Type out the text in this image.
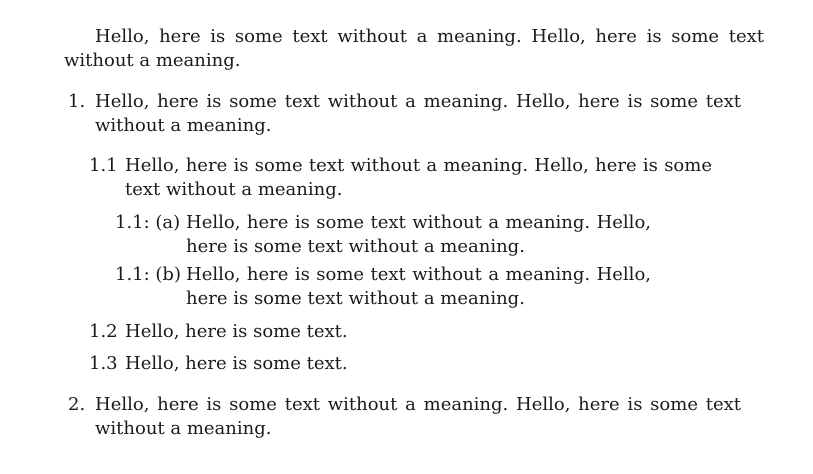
Hello, here is some text without a meaning. Hello, here is some text without a meaning.

1. Hello, here is some text without a meaning. Hello, here is some text without a meaning.
1.1 Hello, here is some text without a meaning. Hello, here is some text without a meaning.
1.1: (a) Hello, here is some text without a meaning. Hello, here is some text without a meaning.
1.1: (b) Hello, here is some text without a meaning. Hello, here is some text without a meaning.
1.2 Hello, here is some text.
1.3 Hello, here is some text.
2. Hello, here is some text without a meaning. Hello, here is some text without a meaning.
